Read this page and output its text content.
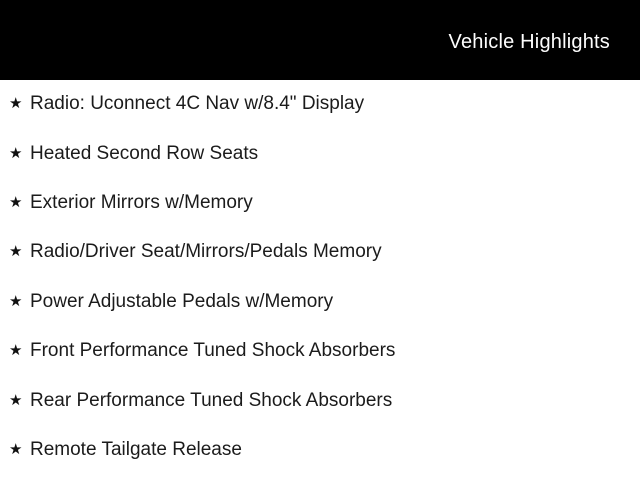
Vehicle Highlights
★ Radio: Uconnect 4C Nav w/8.4" Display
★ Heated Second Row Seats
★ Exterior Mirrors w/Memory
★ Radio/Driver Seat/Mirrors/Pedals Memory
★ Power Adjustable Pedals w/Memory
★ Front Performance Tuned Shock Absorbers
★ Rear Performance Tuned Shock Absorbers
★ Remote Tailgate Release
